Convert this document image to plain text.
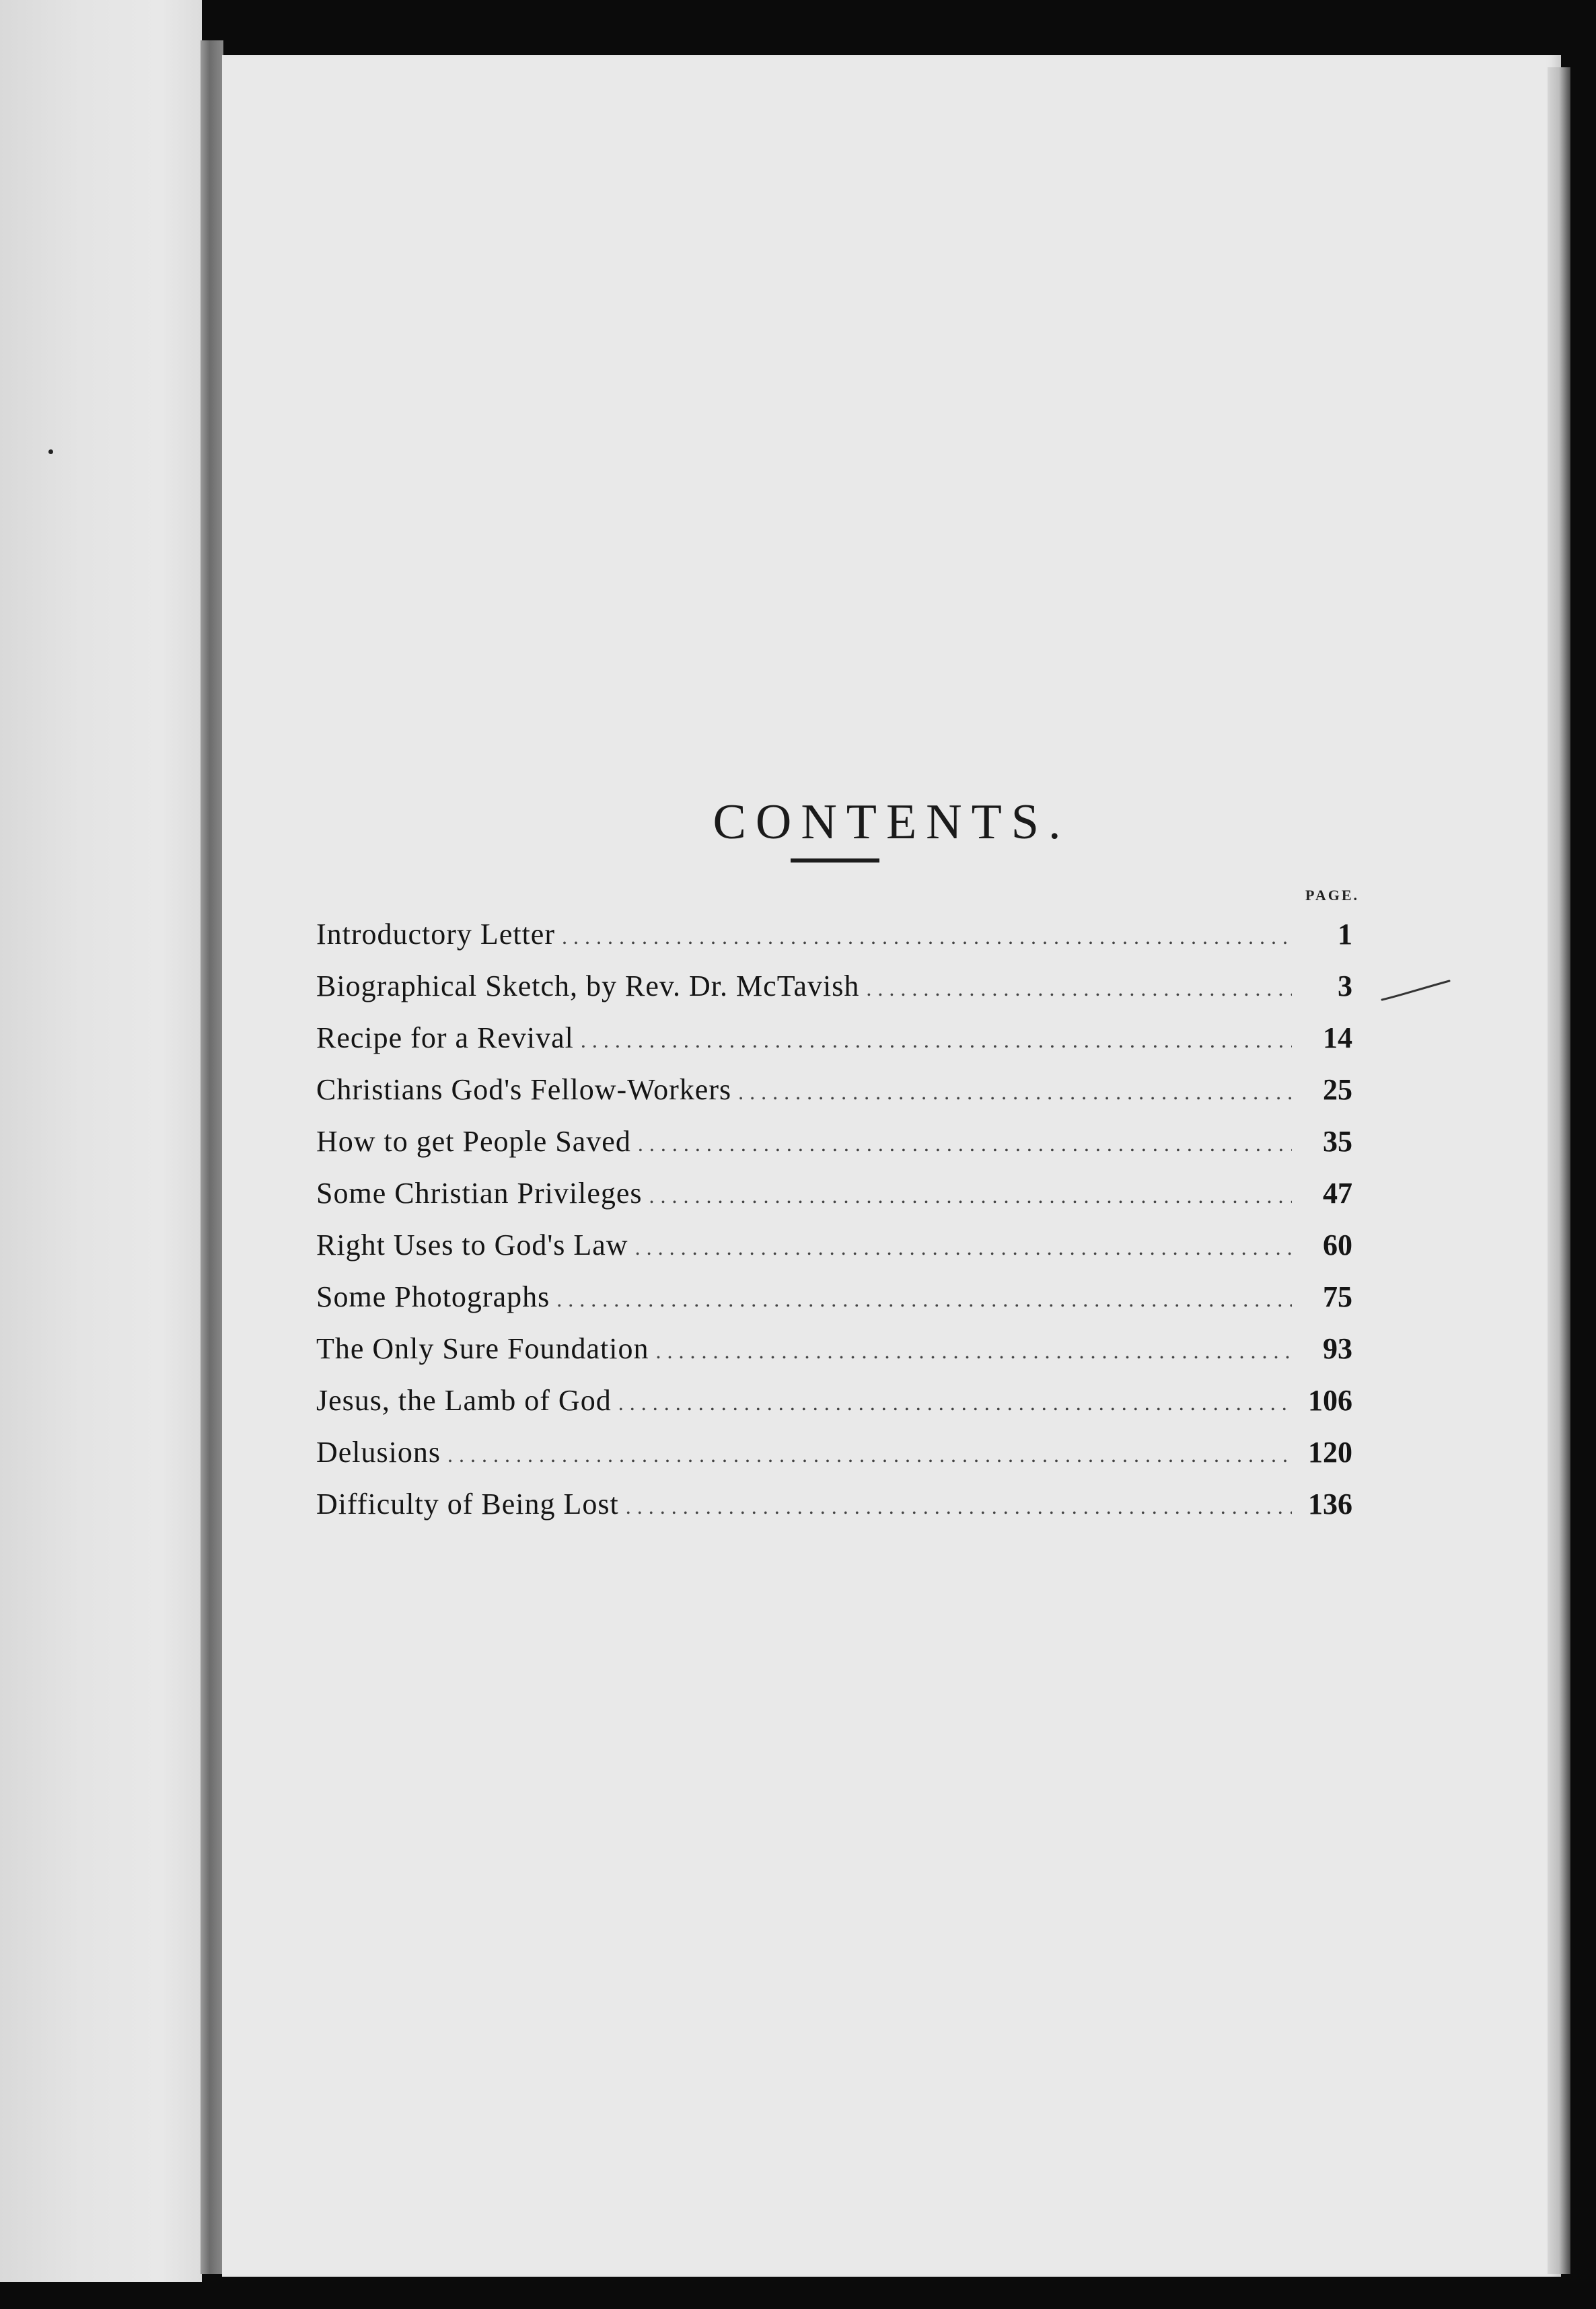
CONTENTS.
PAGE.
Introductory Letter .....	1
Biographical Sketch, by Rev. Dr. McTavish .....	3
Recipe for a Revival .....	14
Christians God's Fellow-Workers .....	25
How to get People Saved .....	35
Some Christian Privileges .....	47
Right Uses to God's Law .....	60
Some Photographs .....	75
The Only Sure Foundation .....	93
Jesus, the Lamb of God .....	106
Delusions .....	120
Difficulty of Being Lost .....	136
